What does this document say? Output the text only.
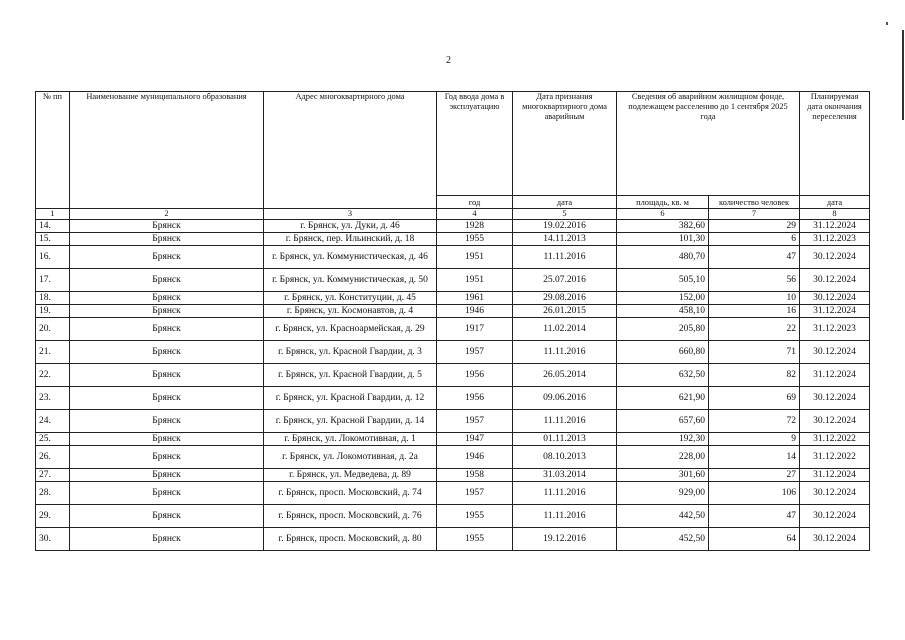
2
№ пп	Наименование муниципального образования	Адрес многоквартирного дома	Год ввода дома в эксплуатацию	Дата признания многоквартирного дома аварийным	Сведения об аварийном жилищном фонде, подлежащем расселению до 1 сентября 2025 года		Планируемая дата окончания переселения
			год	дата	площадь, кв. м	количество человек	дата
1	2	3	4	5	6	7	8
14.	Брянск	г. Брянск, ул. Дуки, д. 46	1928	19.02.2016	382,60	29	31.12.2024
15.	Брянск	г. Брянск, пер. Ильинский, д. 18	1955	14.11.2013	101,30	6	31.12.2023
16.	Брянск	г. Брянск, ул. Коммунистическая, д. 46	1951	11.11.2016	480,70	47	30.12.2024
17.	Брянск	г. Брянск, ул. Коммунистическая, д. 50	1951	25.07.2016	505,10	56	30.12.2024
18.	Брянск	г. Брянск, ул. Конституции, д. 45	1961	29.08.2016	152,00	10	30.12.2024
19.	Брянск	г. Брянск, ул. Космонавтов, д. 4	1946	26.01.2015	458,10	16	31.12.2024
20.	Брянск	г. Брянск, ул. Красноармейская, д. 29	1917	11.02.2014	205,80	22	31.12.2023
21.	Брянск	г. Брянск, ул. Красной Гвардии, д. 3	1957	11.11.2016	660,80	71	30.12.2024
22.	Брянск	г. Брянск, ул. Красной Гвардии, д. 5	1956	26.05.2014	632,50	82	31.12.2024
23.	Брянск	г. Брянск, ул. Красной Гвардии, д. 12	1956	09.06.2016	621,90	69	30.12.2024
24.	Брянск	г. Брянск, ул. Красной Гвардии, д. 14	1957	11.11.2016	657,60	72	30.12.2024
25.	Брянск	г. Брянск, ул. Локомотивная, д. 1	1947	01.11.2013	192,30	9	31.12.2022
26.	Брянск	г. Брянск, ул. Локомотивная, д. 2а	1946	08.10.2013	228,00	14	31.12.2022
27.	Брянск	г. Брянск, ул. Медведева, д. 89	1958	31.03.2014	301,60	27	31.12.2024
28.	Брянск	г. Брянск, просп. Московский, д. 74	1957	11.11.2016	929,00	106	30.12.2024
29.	Брянск	г. Брянск, просп. Московский, д. 76	1955	11.11.2016	442,50	47	30.12.2024
30.	Брянск	г. Брянск, просп. Московский, д. 80	1955	19.12.2016	452,50	64	30.12.2024
